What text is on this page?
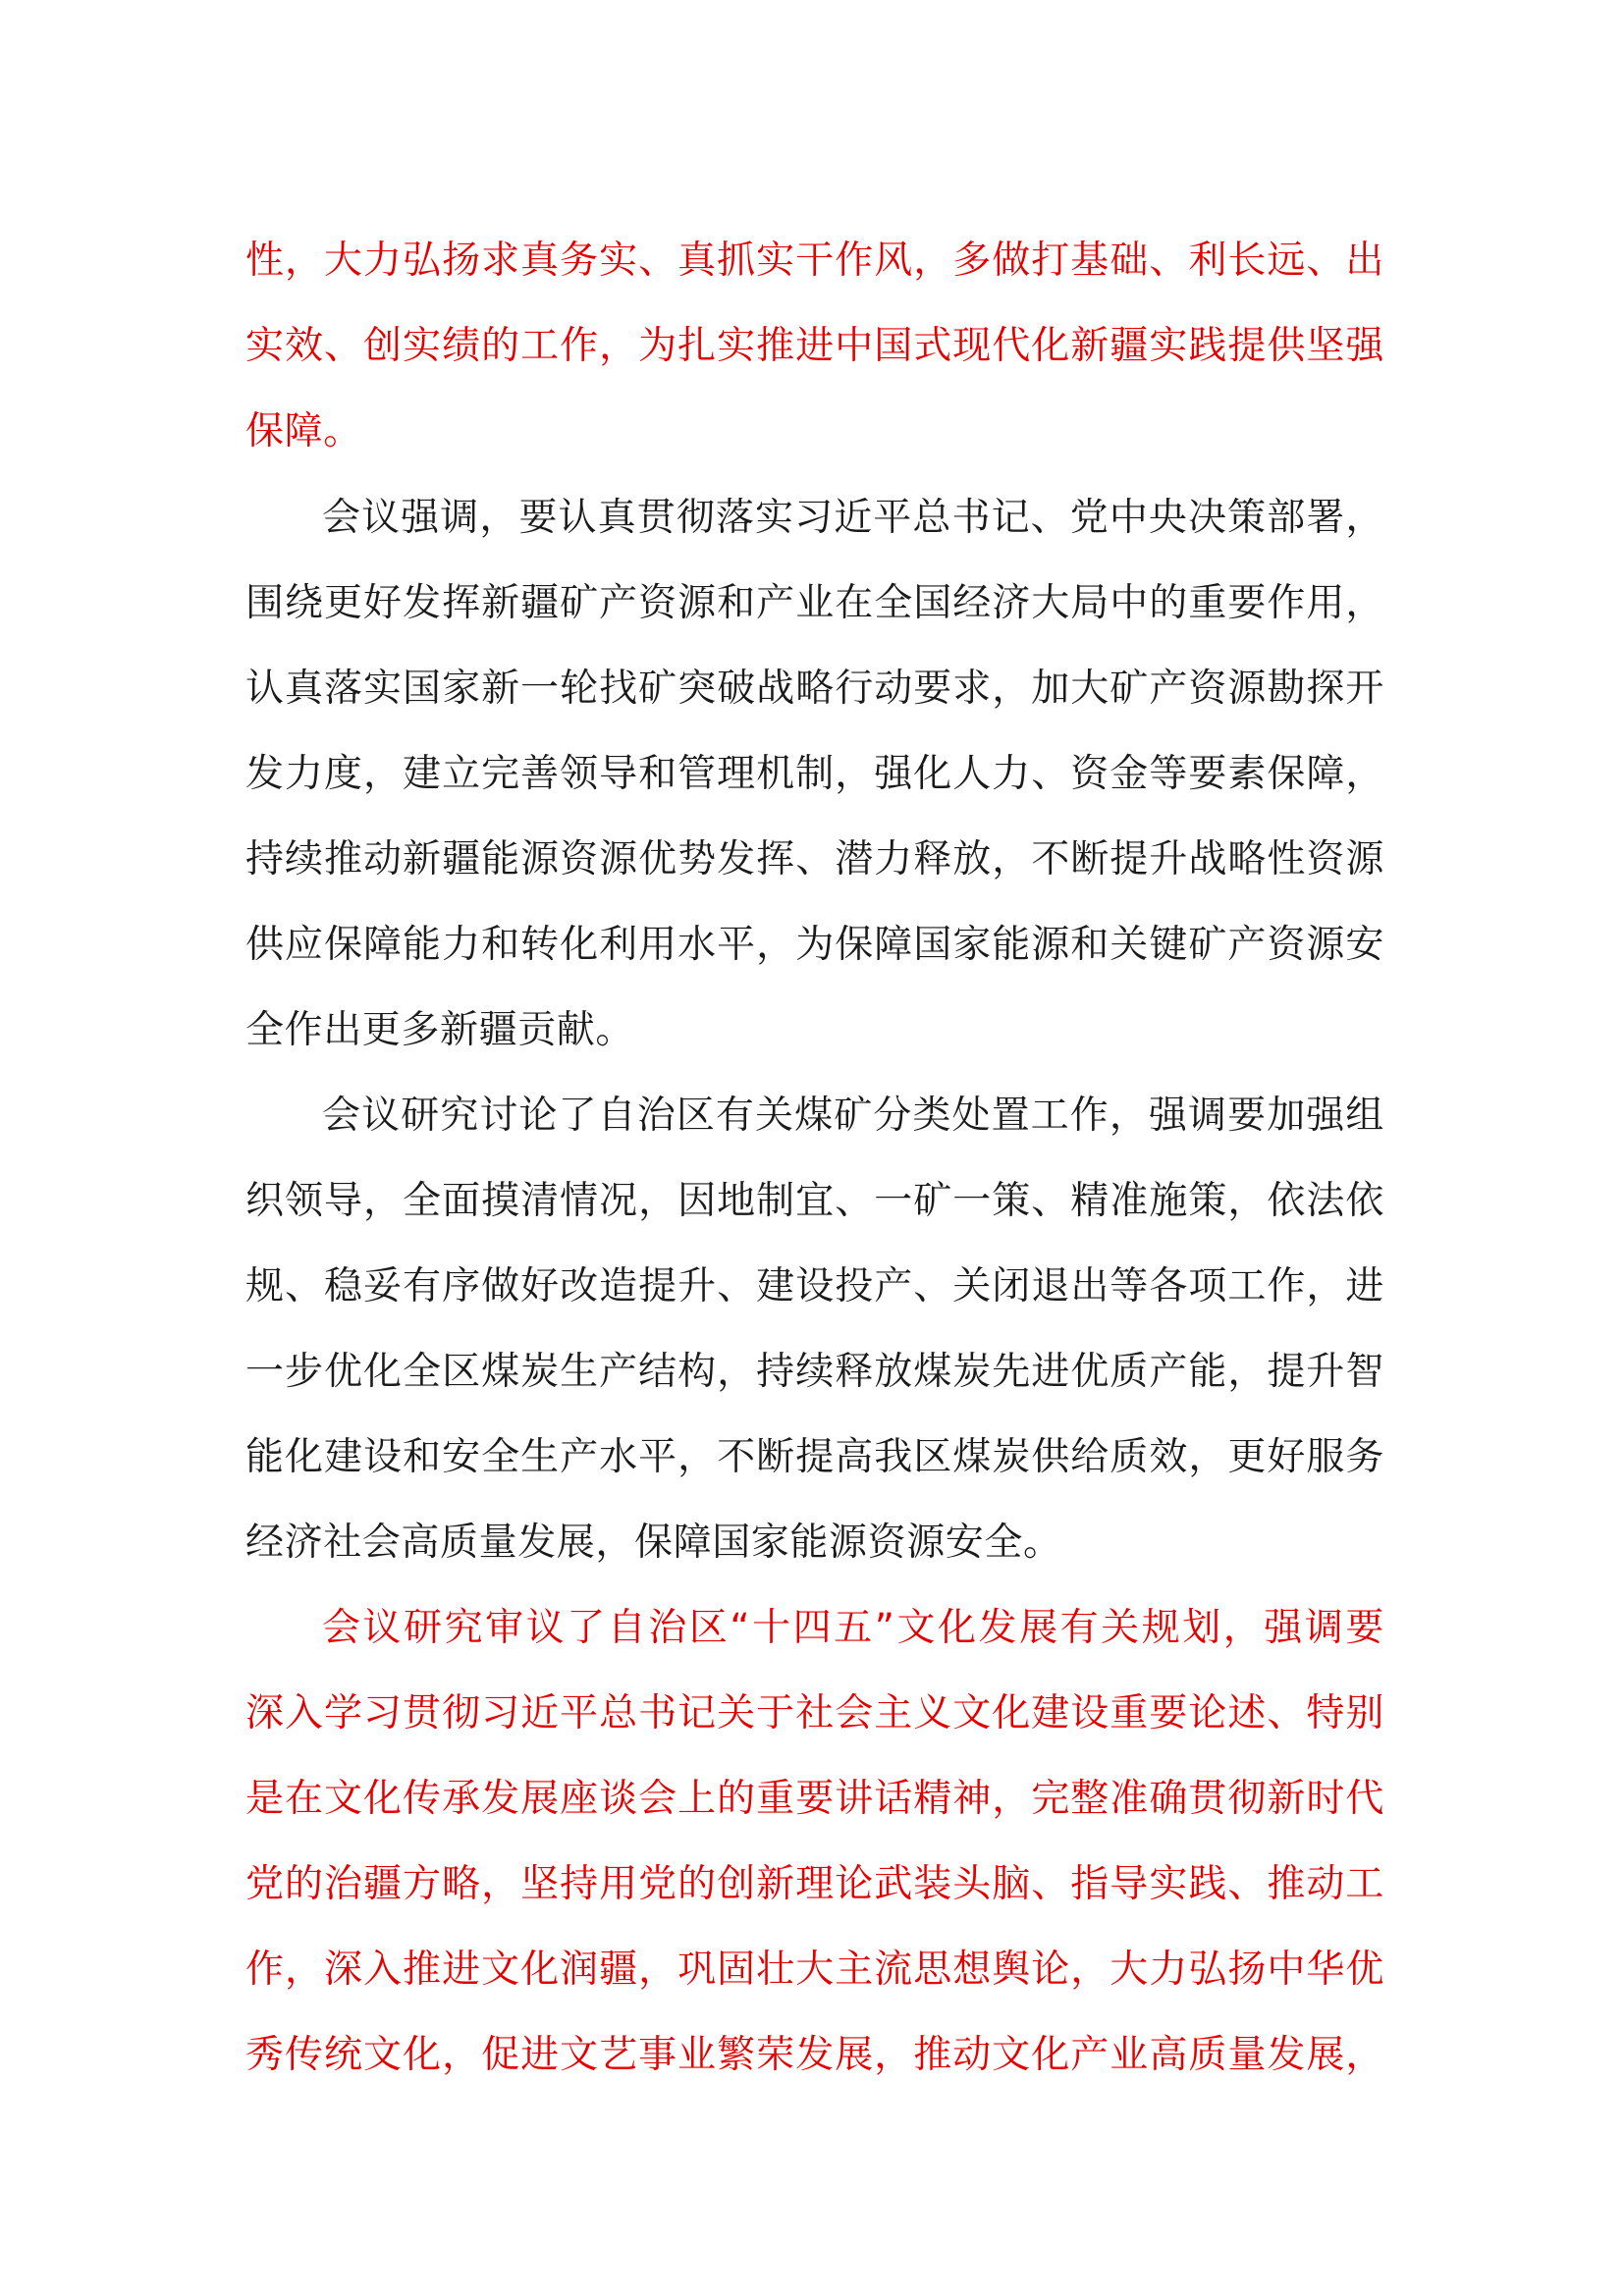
性，大力弘扬求真务实、真抓实干作风，多做打基础、利长远、出
实效、创实绩的工作，为扎实推进中国式现代化新疆实践提供坚强
保障。
会议强调，要认真贯彻落实习近平总书记、党中央决策部署，
围绕更好发挥新疆矿产资源和产业在全国经济大局中的重要作用，
认真落实国家新一轮找矿突破战略行动要求，加大矿产资源勘探开
发力度，建立完善领导和管理机制，强化人力、资金等要素保障，
持续推动新疆能源资源优势发挥、潜力释放，不断提升战略性资源
供应保障能力和转化利用水平，为保障国家能源和关键矿产资源安
全作出更多新疆贡献。
会议研究讨论了自治区有关煤矿分类处置工作，强调要加强组
织领导，全面摸清情况，因地制宜、一矿一策、精准施策，依法依
规、稳妥有序做好改造提升、建设投产、关闭退出等各项工作，进
一步优化全区煤炭生产结构，持续释放煤炭先进优质产能，提升智
能化建设和安全生产水平，不断提高我区煤炭供给质效，更好服务
经济社会高质量发展，保障国家能源资源安全。
会议研究审议了自治区“十四五”文化发展有关规划，强调要
深入学习贯彻习近平总书记关于社会主义文化建设重要论述、特别
是在文化传承发展座谈会上的重要讲话精神，完整准确贯彻新时代
党的治疆方略，坚持用党的创新理论武装头脑、指导实践、推动工
作，深入推进文化润疆，巩固壮大主流思想舆论，大力弘扬中华优
秀传统文化，促进文艺事业繁荣发展，推动文化产业高质量发展，
